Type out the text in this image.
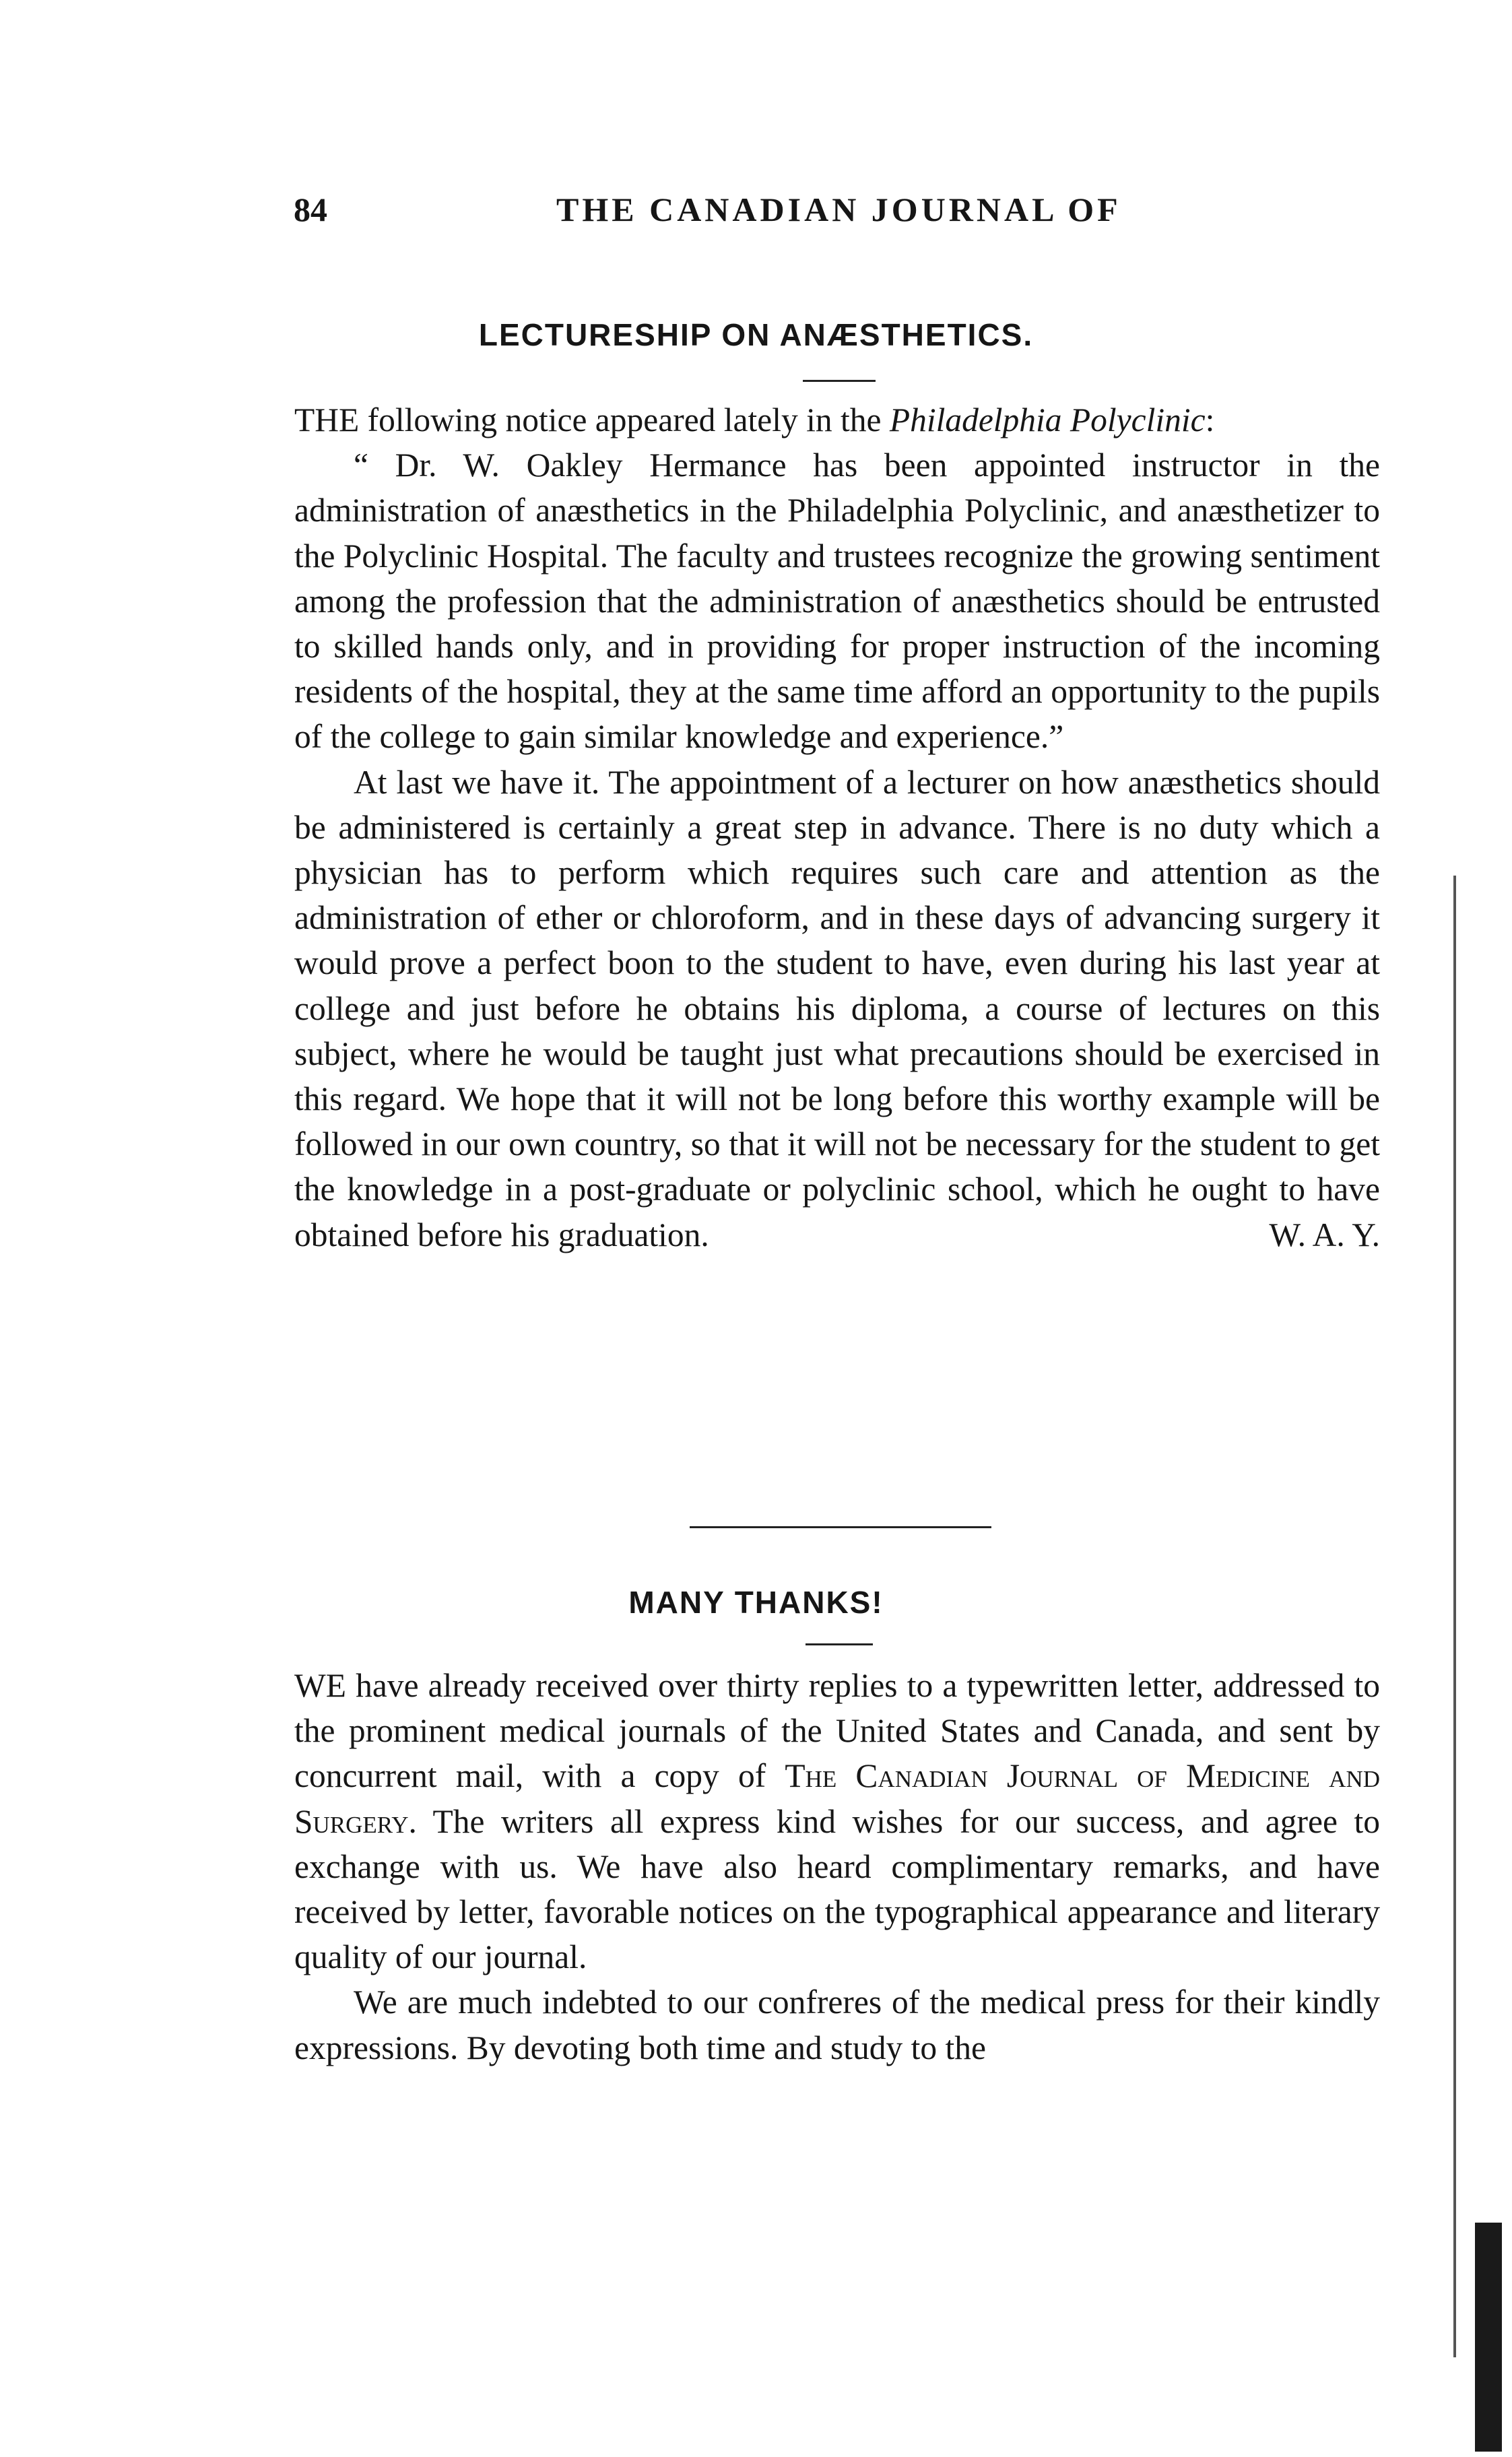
84	THE CANADIAN JOURNAL OF
LECTURESHIP ON ANÆSTHETICS.

THE following notice appeared lately in the Philadelphia Polyclinic:

“ Dr. W. Oakley Hermance has been appointed instructor in the administration of anæsthetics in the Philadelphia Polyclinic, and anæsthetizer to the Polyclinic Hospital. The faculty and trustees recognize the growing sentiment among the profession that the administration of anæsthetics should be entrusted to skilled hands only, and in providing for proper instruction of the incoming residents of the hospital, they at the same time afford an opportunity to the pupils of the college to gain similar knowledge and experience.”

At last we have it. The appointment of a lecturer on how anæsthetics should be administered is certainly a great step in advance. There is no duty which a physician has to perform which requires such care and attention as the administration of ether or chloroform, and in these days of advancing surgery it would prove a perfect boon to the student to have, even during his last year at college and just before he obtains his diploma, a course of lectures on this subject, where he would be taught just what precautions should be exercised in this regard. We hope that it will not be long before this worthy example will be followed in our own country, so that it will not be necessary for the student to get the knowledge in a post-graduate or polyclinic school, which he ought to have obtained before his graduation.	W. A. Y.

MANY THANKS!

WE have already received over thirty replies to a typewritten letter, addressed to the prominent medical journals of the United States and Canada, and sent by concurrent mail, with a copy of The Canadian Journal of Medicine and Surgery. The writers all express kind wishes for our success, and agree to exchange with us. We have also heard complimentary remarks, and have received by letter, favorable notices on the typographical appearance and literary quality of our journal.

We are much indebted to our confreres of the medical press for their kindly expressions. By devoting both time and study to the
